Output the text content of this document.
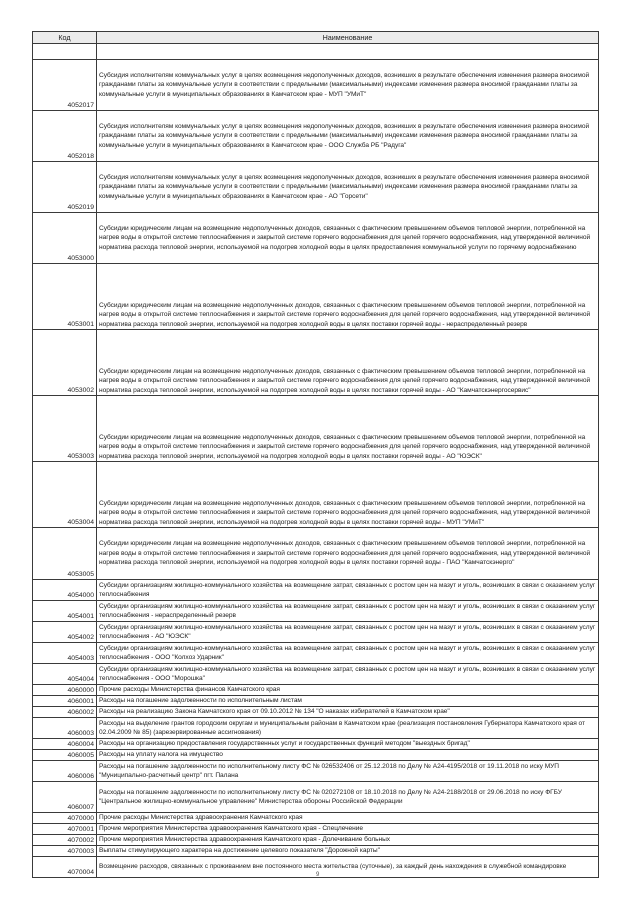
Код	Наименование

4052017	Субсидия исполнителям коммунальных услуг в целях возмещения недополученных доходов, возникших в результате обеспечения изменения размера вносимой гражданами платы за коммунальные услуги в соответствии с предельными (максимальными) индексами изменения размера вносимой гражданами платы за коммунальные услуги в муниципальных образованиях в Камчатском крае - МУП "УМиТ"
4052018	Субсидия исполнителям коммунальных услуг в целях возмещения недополученных доходов, возникших в результате обеспечения изменения размера вносимой гражданами платы за коммунальные услуги в соответствии с предельными (максимальными) индексами изменения размера вносимой гражданами платы за коммунальные услуги в муниципальных образованиях в Камчатском крае - ООО Служба РБ "Радуга"
4052019	Субсидия исполнителям коммунальных услуг в целях возмещения недополученных доходов, возникших в результате обеспечения изменения размера вносимой гражданами платы за коммунальные услуги в соответствии с предельными (максимальными) индексами изменения размера вносимой гражданами платы за коммунальные услуги в муниципальных образованиях в Камчатском крае - АО "Горсети"
4053000	Субсидии юридическим лицам на возмещение недополученных доходов, связанных с фактическим превышением объемов тепловой энергии, потребленной на нагрев воды в открытой системе теплоснабжения и закрытой системе горячего водоснабжения для целей горячего водоснабжения, над утвержденной величиной норматива расхода тепловой энергии, используемой на подогрев холодной воды в целях предоставления коммунальной услуги по горячему водоснабжению
4053001	Субсидии юридическим лицам на возмещение недополученных доходов, связанных с фактическим превышением объемов тепловой энергии, потребленной на нагрев воды в открытой системе теплоснабжения и закрытой системе горячего водоснабжения для целей горячего водоснабжения, над утвержденной величиной норматива расхода тепловой энергии, используемой на подогрев холодной воды в целях поставки горячей воды - нераспределенный резерв
4053002	Субсидии юридическим лицам на возмещение недополученных доходов, связанных с фактическим превышением объемов тепловой энергии, потребленной на нагрев воды в открытой системе теплоснабжения и закрытой системе горячего водоснабжения для целей горячего водоснабжения, над утвержденной величиной норматива расхода тепловой энергии, используемой на подогрев холодной воды в целях поставки горячей воды - АО "Камчатскэнергосервис"
4053003	Субсидии юридическим лицам на возмещение недополученных доходов, связанных с фактическим превышением объемов тепловой энергии, потребленной на нагрев воды в открытой системе теплоснабжения и закрытой системе горячего водоснабжения для целей горячего водоснабжения, над утвержденной величиной норматива расхода тепловой энергии, используемой на подогрев холодной воды в целях поставки горячей воды - АО "ЮЭСК"
4053004	Субсидии юридическим лицам на возмещение недополученных доходов, связанных с фактическим превышением объемов тепловой энергии, потребленной на нагрев воды в открытой системе теплоснабжения и закрытой системе горячего водоснабжения для целей горячего водоснабжения, над утвержденной величиной норматива расхода тепловой энергии, используемой на подогрев холодной воды в целях поставки горячей воды - МУП "УМиТ"
4053005	Субсидии юридическим лицам на возмещение недополученных доходов, связанных с фактическим превышением объемов тепловой энергии, потребленной на нагрев воды в открытой системе теплоснабжения и закрытой системе горячего водоснабжения для целей горячего водоснабжения, над утвержденной величиной норматива расхода тепловой энергии, используемой на подогрев холодной воды в целях поставки горячей воды - ПАО "Камчатскэнерго"
4054000	Субсидии организациям жилищно-коммунального хозяйства на возмещение затрат, связанных с ростом цен на мазут и уголь, возникших в связи с оказанием услуг теплоснабжения
4054001	Субсидии организациям жилищно-коммунального хозяйства на возмещение затрат, связанных с ростом цен на мазут и уголь, возникших в связи с оказанием услуг теплоснабжения - нераспределенный резерв
4054002	Субсидии организациям жилищно-коммунального хозяйства на возмещение затрат, связанных с ростом цен на мазут и уголь, возникших в связи с оказанием услуг теплоснабжения - АО "ЮЭСК"
4054003	Субсидии организациям жилищно-коммунального хозяйства на возмещение затрат, связанных с ростом цен на мазут и уголь, возникших в связи с оказанием услуг теплоснабжения - ООО "Колхоз Ударник"
4054004	Субсидии организациям жилищно-коммунального хозяйства на возмещение затрат, связанных с ростом цен на мазут и уголь, возникших в связи с оказанием услуг теплоснабжения - ООО "Морошка"
4060000	Прочие расходы Министерства финансов Камчатского края
4060001	Расходы на погашение задолженности по исполнительным листам
4060002	Расходы на реализацию Закона Камчатского края от 09.10.2012 № 134 "О наказах избирателей в Камчатском крае"
4060003	Расходы на выделение грантов городским округам и муниципальным районам в Камчатском крае (реализация постановления Губернатора Камчатского края от 02.04.2009 № 85) (зарезервированные ассигнования)
4060004	Расходы на организацию предоставления государственных услуг и государственных функций методом "выездных бригад"
4060005	Расходы на уплату налога на имущество
4060006	Расходы на погашение задолженности по исполнительному листу ФС № 026532406 от 25.12.2018 по Делу № А24-4195/2018 от 19.11.2018 по иску МУП "Муниципально-расчетный центр" пгт. Палана
4060007	Расходы на погашение задолженности по исполнительному листу ФС № 020272108 от 18.10.2018 по Делу № А24-2188/2018 от 29.06.2018 по иску ФГБУ "Центральное жилищно-коммунальное управление" Министерства обороны Российской Федерации
4070000	Прочие расходы Министерства здравоохранения Камчатского края
4070001	Прочие мероприятия Министерства здравоохранения Камчатского края - Спецлечение
4070002	Прочие мероприятия Министерства здравоохранения Камчатского края - Долечивание больных
4070003	Выплаты стимулирующего характера на достижение целевого показателя "Дорожной карты"
4070004	Возмещение расходов, связанных с проживанием вне постоянного места жительства (суточные), за каждый день нахождения в служебной командировке
9
